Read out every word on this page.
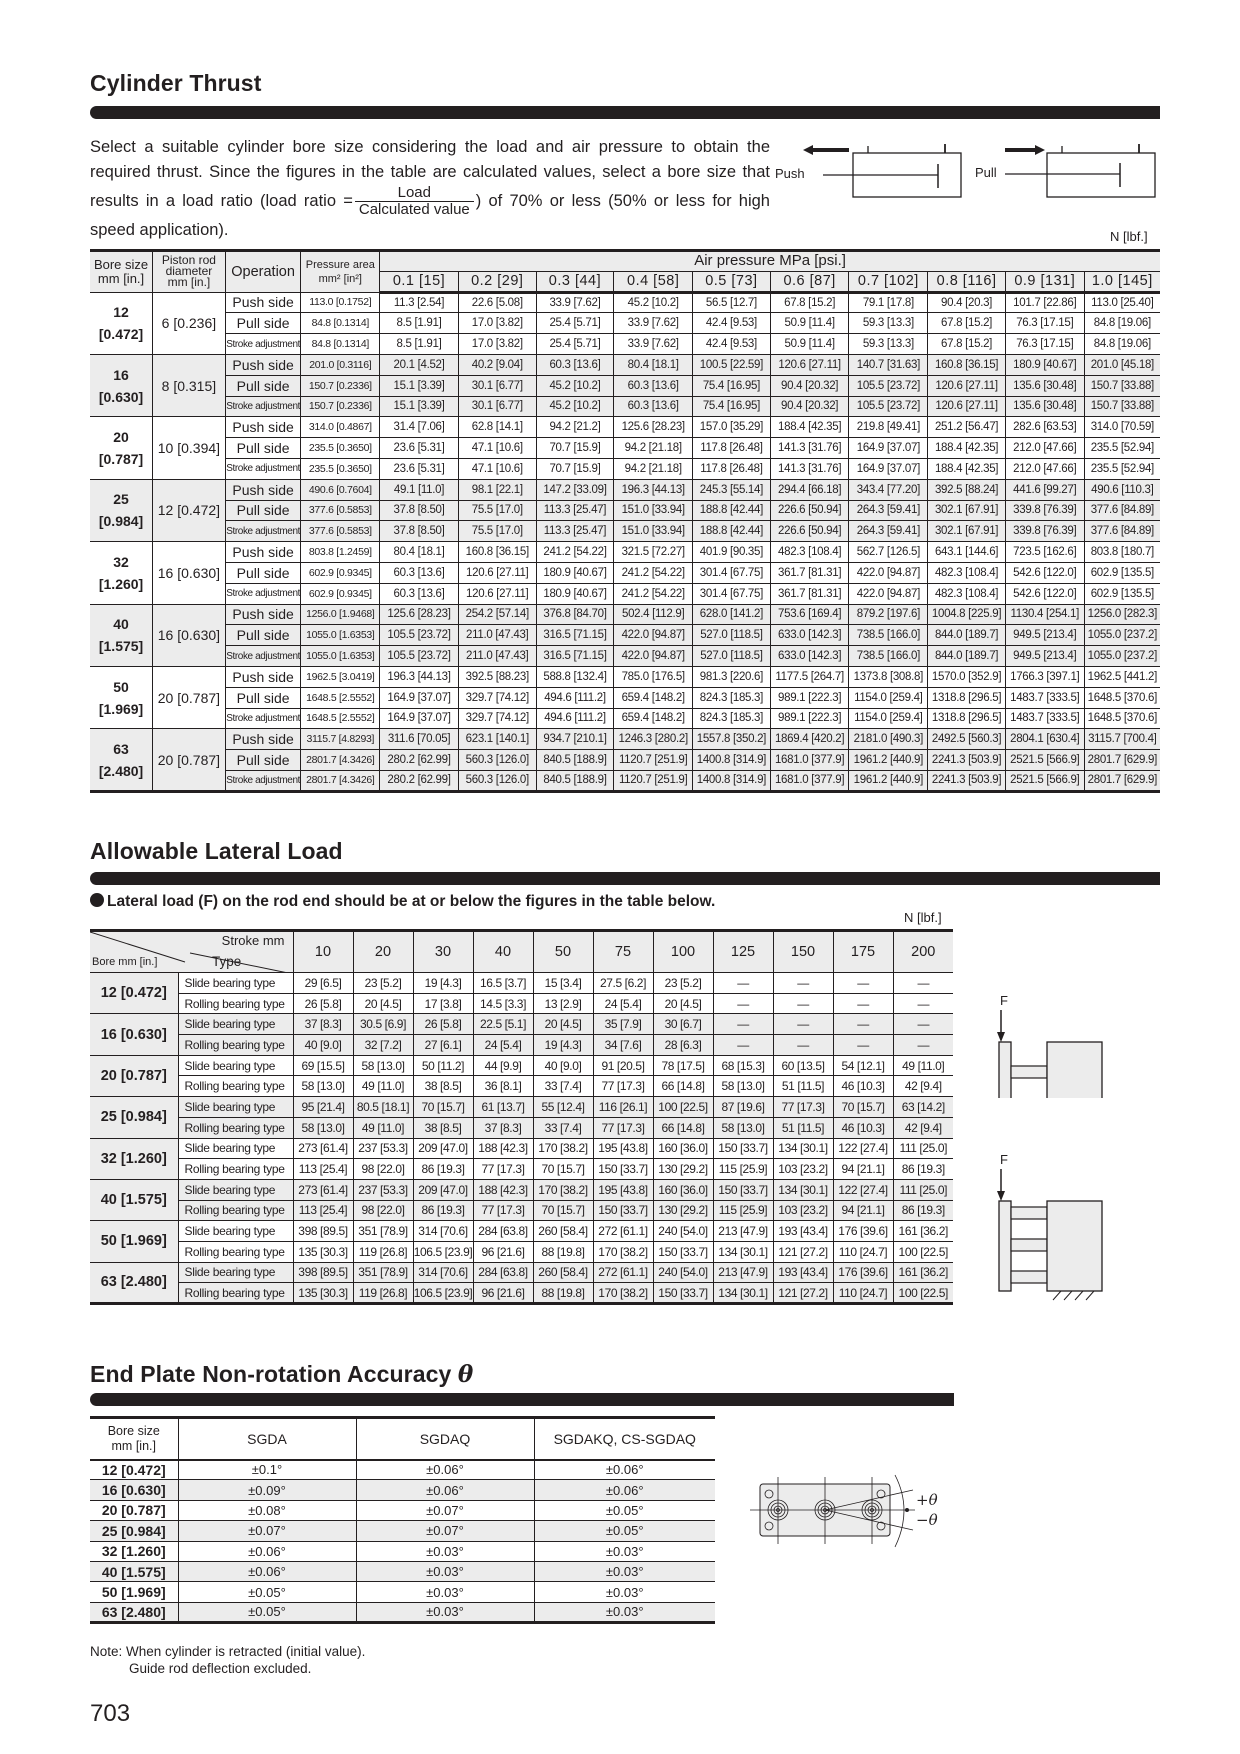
Cylinder Thrust
Select a suitable cylinder bore size considering the load and air pressure to obtain the required thrust. Since the figures in the table are calculated values, select a bore size that results in a load ratio (load ratio = $\frac{\text{Load}}{\text{Calculated value}}$ ) of 70% or less (50% or less for high speed application).
Push	Pull
N [lbf.]
Bore size
mm [in.]	Piston rod
diameter
mm [in.]	Operation	Pressure area
mm² [in²]	Air pressure MPa [psi.]									
				0.1 [15]	0.2 [29]	0.3 [44]	0.4 [58]	0.5 [73]	0.6 [87]	0.7 [102]	0.8 [116]	0.9 [131]	1.0 [145]
12
[0.472]	6 [0.236]	Push side	113.0 [0.1752]	11.3 [2.54]	22.6 [5.08]	33.9 [7.62]	45.2 [10.2]	56.5 [12.7]	67.8 [15.2]	79.1 [17.8]	90.4 [20.3]	101.7 [22.86]	113.0 [25.40]
		Pull side	84.8 [0.1314]	8.5 [1.91]	17.0 [3.82]	25.4 [5.71]	33.9 [7.62]	42.4 [9.53]	50.9 [11.4]	59.3 [13.3]	67.8 [15.2]	76.3 [17.15]	84.8 [19.06]
		Stroke adjustment	84.8 [0.1314]	8.5 [1.91]	17.0 [3.82]	25.4 [5.71]	33.9 [7.62]	42.4 [9.53]	50.9 [11.4]	59.3 [13.3]	67.8 [15.2]	76.3 [17.15]	84.8 [19.06]
16
[0.630]	8 [0.315]	Push side	201.0 [0.3116]	20.1 [4.52]	40.2 [9.04]	60.3 [13.6]	80.4 [18.1]	100.5 [22.59]	120.6 [27.11]	140.7 [31.63]	160.8 [36.15]	180.9 [40.67]	201.0 [45.18]
		Pull side	150.7 [0.2336]	15.1 [3.39]	30.1 [6.77]	45.2 [10.2]	60.3 [13.6]	75.4 [16.95]	90.4 [20.32]	105.5 [23.72]	120.6 [27.11]	135.6 [30.48]	150.7 [33.88]
		Stroke adjustment	150.7 [0.2336]	15.1 [3.39]	30.1 [6.77]	45.2 [10.2]	60.3 [13.6]	75.4 [16.95]	90.4 [20.32]	105.5 [23.72]	120.6 [27.11]	135.6 [30.48]	150.7 [33.88]
20
[0.787]	10 [0.394]	Push side	314.0 [0.4867]	31.4 [7.06]	62.8 [14.1]	94.2 [21.2]	125.6 [28.23]	157.0 [35.29]	188.4 [42.35]	219.8 [49.41]	251.2 [56.47]	282.6 [63.53]	314.0 [70.59]
		Pull side	235.5 [0.3650]	23.6 [5.31]	47.1 [10.6]	70.7 [15.9]	94.2 [21.18]	117.8 [26.48]	141.3 [31.76]	164.9 [37.07]	188.4 [42.35]	212.0 [47.66]	235.5 [52.94]
		Stroke adjustment	235.5 [0.3650]	23.6 [5.31]	47.1 [10.6]	70.7 [15.9]	94.2 [21.18]	117.8 [26.48]	141.3 [31.76]	164.9 [37.07]	188.4 [42.35]	212.0 [47.66]	235.5 [52.94]
25
[0.984]	12 [0.472]	Push side	490.6 [0.7604]	49.1 [11.0]	98.1 [22.1]	147.2 [33.09]	196.3 [44.13]	245.3 [55.14]	294.4 [66.18]	343.4 [77.20]	392.5 [88.24]	441.6 [99.27]	490.6 [110.3]
		Pull side	377.6 [0.5853]	37.8 [8.50]	75.5 [17.0]	113.3 [25.47]	151.0 [33.94]	188.8 [42.44]	226.6 [50.94]	264.3 [59.41]	302.1 [67.91]	339.8 [76.39]	377.6 [84.89]
		Stroke adjustment	377.6 [0.5853]	37.8 [8.50]	75.5 [17.0]	113.3 [25.47]	151.0 [33.94]	188.8 [42.44]	226.6 [50.94]	264.3 [59.41]	302.1 [67.91]	339.8 [76.39]	377.6 [84.89]
32
[1.260]	16 [0.630]	Push side	803.8 [1.2459]	80.4 [18.1]	160.8 [36.15]	241.2 [54.22]	321.5 [72.27]	401.9 [90.35]	482.3 [108.4]	562.7 [126.5]	643.1 [144.6]	723.5 [162.6]	803.8 [180.7]
		Pull side	602.9 [0.9345]	60.3 [13.6]	120.6 [27.11]	180.9 [40.67]	241.2 [54.22]	301.4 [67.75]	361.7 [81.31]	422.0 [94.87]	482.3 [108.4]	542.6 [122.0]	602.9 [135.5]
		Stroke adjustment	602.9 [0.9345]	60.3 [13.6]	120.6 [27.11]	180.9 [40.67]	241.2 [54.22]	301.4 [67.75]	361.7 [81.31]	422.0 [94.87]	482.3 [108.4]	542.6 [122.0]	602.9 [135.5]
40
[1.575]	16 [0.630]	Push side	1256.0 [1.9468]	125.6 [28.23]	254.2 [57.14]	376.8 [84.70]	502.4 [112.9]	628.0 [141.2]	753.6 [169.4]	879.2 [197.6]	1004.8 [225.9]	1130.4 [254.1]	1256.0 [282.3]
		Pull side	1055.0 [1.6353]	105.5 [23.72]	211.0 [47.43]	316.5 [71.15]	422.0 [94.87]	527.0 [118.5]	633.0 [142.3]	738.5 [166.0]	844.0 [189.7]	949.5 [213.4]	1055.0 [237.2]
		Stroke adjustment	1055.0 [1.6353]	105.5 [23.72]	211.0 [47.43]	316.5 [71.15]	422.0 [94.87]	527.0 [118.5]	633.0 [142.3]	738.5 [166.0]	844.0 [189.7]	949.5 [213.4]	1055.0 [237.2]
50
[1.969]	20 [0.787]	Push side	1962.5 [3.0419]	196.3 [44.13]	392.5 [88.23]	588.8 [132.4]	785.0 [176.5]	981.3 [220.6]	1177.5 [264.7]	1373.8 [308.8]	1570.0 [352.9]	1766.3 [397.1]	1962.5 [441.2]
		Pull side	1648.5 [2.5552]	164.9 [37.07]	329.7 [74.12]	494.6 [111.2]	659.4 [148.2]	824.3 [185.3]	989.1 [222.3]	1154.0 [259.4]	1318.8 [296.5]	1483.7 [333.5]	1648.5 [370.6]
		Stroke adjustment	1648.5 [2.5552]	164.9 [37.07]	329.7 [74.12]	494.6 [111.2]	659.4 [148.2]	824.3 [185.3]	989.1 [222.3]	1154.0 [259.4]	1318.8 [296.5]	1483.7 [333.5]	1648.5 [370.6]
63
[2.480]	20 [0.787]	Push side	3115.7 [4.8293]	311.6 [70.05]	623.1 [140.1]	934.7 [210.1]	1246.3 [280.2]	1557.8 [350.2]	1869.4 [420.2]	2181.0 [490.3]	2492.5 [560.3]	2804.1 [630.4]	3115.7 [700.4]
		Pull side	2801.7 [4.3426]	280.2 [62.99]	560.3 [126.0]	840.5 [188.9]	1120.7 [251.9]	1400.8 [314.9]	1681.0 [377.9]	1961.2 [440.9]	2241.3 [503.9]	2521.5 [566.9]	2801.7 [629.9]
		Stroke adjustment	2801.7 [4.3426]	280.2 [62.99]	560.3 [126.0]	840.5 [188.9]	1120.7 [251.9]	1400.8 [314.9]	1681.0 [377.9]	1961.2 [440.9]	2241.3 [503.9]	2521.5 [566.9]	2801.7 [629.9]
Allowable Lateral Load
Lateral load (F) on the rod end should be at or below the figures in the table below.
N [lbf.]
Stroke mm
Type
Bore mm [in.]		10	20	30	40	50	75	100	125	150	175	200

12 [0.472]	Slide bearing type	29 [6.5]	23 [5.2]	19 [4.3]	16.5 [3.7]	15 [3.4]	27.5 [6.2]	23 [5.2]	—	—	—	—
	Rolling bearing type	26 [5.8]	20 [4.5]	17 [3.8]	14.5 [3.3]	13 [2.9]	24 [5.4]	20 [4.5]	—	—	—	—
16 [0.630]	Slide bearing type	37 [8.3]	30.5 [6.9]	26 [5.8]	22.5 [5.1]	20 [4.5]	35 [7.9]	30 [6.7]	—	—	—	—
	Rolling bearing type	40 [9.0]	32 [7.2]	27 [6.1]	24 [5.4]	19 [4.3]	34 [7.6]	28 [6.3]	—	—	—	—
20 [0.787]	Slide bearing type	69 [15.5]	58 [13.0]	50 [11.2]	44 [9.9]	40 [9.0]	91 [20.5]	78 [17.5]	68 [15.3]	60 [13.5]	54 [12.1]	49 [11.0]
	Rolling bearing type	58 [13.0]	49 [11.0]	38 [8.5]	36 [8.1]	33 [7.4]	77 [17.3]	66 [14.8]	58 [13.0]	51 [11.5]	46 [10.3]	42 [9.4]
25 [0.984]	Slide bearing type	95 [21.4]	80.5 [18.1]	70 [15.7]	61 [13.7]	55 [12.4]	116 [26.1]	100 [22.5]	87 [19.6]	77 [17.3]	70 [15.7]	63 [14.2]
	Rolling bearing type	58 [13.0]	49 [11.0]	38 [8.5]	37 [8.3]	33 [7.4]	77 [17.3]	66 [14.8]	58 [13.0]	51 [11.5]	46 [10.3]	42 [9.4]
32 [1.260]	Slide bearing type	273 [61.4]	237 [53.3]	209 [47.0]	188 [42.3]	170 [38.2]	195 [43.8]	160 [36.0]	150 [33.7]	134 [30.1]	122 [27.4]	111 [25.0]
	Rolling bearing type	113 [25.4]	98 [22.0]	86 [19.3]	77 [17.3]	70 [15.7]	150 [33.7]	130 [29.2]	115 [25.9]	103 [23.2]	94 [21.1]	86 [19.3]
40 [1.575]	Slide bearing type	273 [61.4]	237 [53.3]	209 [47.0]	188 [42.3]	170 [38.2]	195 [43.8]	160 [36.0]	150 [33.7]	134 [30.1]	122 [27.4]	111 [25.0]
	Rolling bearing type	113 [25.4]	98 [22.0]	86 [19.3]	77 [17.3]	70 [15.7]	150 [33.7]	130 [29.2]	115 [25.9]	103 [23.2]	94 [21.1]	86 [19.3]
50 [1.969]	Slide bearing type	398 [89.5]	351 [78.9]	314 [70.6]	284 [63.8]	260 [58.4]	272 [61.1]	240 [54.0]	213 [47.9]	193 [43.4]	176 [39.6]	161 [36.2]
	Rolling bearing type	135 [30.3]	119 [26.8]	106.5 [23.9]	96 [21.6]	88 [19.8]	170 [38.2]	150 [33.7]	134 [30.1]	121 [27.2]	110 [24.7]	100 [22.5]
63 [2.480]	Slide bearing type	398 [89.5]	351 [78.9]	314 [70.6]	284 [63.8]	260 [58.4]	272 [61.1]	240 [54.0]	213 [47.9]	193 [43.4]	176 [39.6]	161 [36.2]
	Rolling bearing type	135 [30.3]	119 [26.8]	106.5 [23.9]	96 [21.6]	88 [19.8]	170 [38.2]	150 [33.7]	134 [30.1]	121 [27.2]	110 [24.7]	100 [22.5]
F
F
End Plate Non-rotation Accuracy θ
Bore size
mm [in.]	SGDA	SGDAQ	SGDAKQ, CS-SGDAQ
12 [0.472]	±0.1°	±0.06°	±0.06°
16 [0.630]	±0.09°	±0.06°	±0.06°
20 [0.787]	±0.08°	±0.07°	±0.05°
25 [0.984]	±0.07°	±0.07°	±0.05°
32 [1.260]	±0.06°	±0.03°	±0.03°
40 [1.575]	±0.06°	±0.03°	±0.03°
50 [1.969]	±0.05°	±0.03°	±0.03°
63 [2.480]	±0.05°	±0.03°	±0.03°
+θ
−θ
Note: When cylinder is retracted (initial value).
Guide rod deflection excluded.
703
